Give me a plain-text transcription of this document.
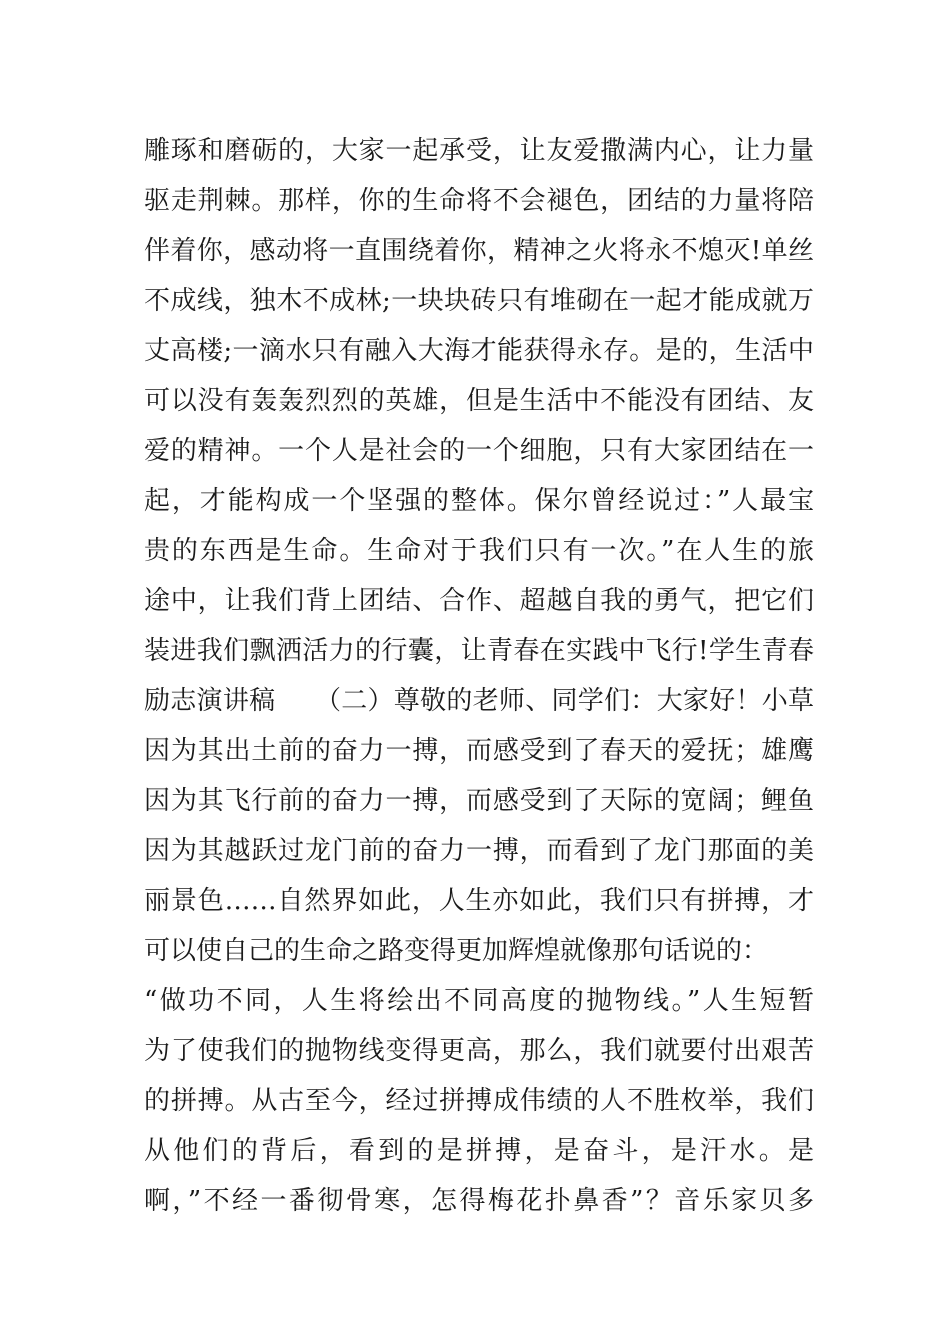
雕琢和磨砺的，大家一起承受，让友爱撒满内心，让力量
驱走荆棘。那样，你的生命将不会褪色，团结的力量将陪
伴着你，感动将一直围绕着你，精神之火将永不熄灭!单丝
不成线，独木不成林;一块块砖只有堆砌在一起才能成就万
丈高楼;一滴水只有融入大海才能获得永存。是的，生活中
可以没有轰轰烈烈的英雄，但是生活中不能没有团结、友
爱的精神。一个人是社会的一个细胞，只有大家团结在一
起，才能构成一个坚强的整体。保尔曾经说过：”人最宝
贵的东西是生命。生命对于我们只有一次。”在人生的旅
途中，让我们背上团结、合作、超越自我的勇气，把它们
装进我们飘洒活力的行囊，让青春在实践中飞行!学生青春
励志演讲稿　　（二）尊敬的老师、同学们：大家好！小草
因为其出土前的奋力一搏，而感受到了春天的爱抚；雄鹰
因为其飞行前的奋力一搏，而感受到了天际的宽阔；鲤鱼
因为其越跃过龙门前的奋力一搏，而看到了龙门那面的美
丽景色……自然界如此，人生亦如此，我们只有拼搏，才
可以使自己的生命之路变得更加辉煌就像那句话说的：
“做功不同，人生将绘出不同高度的抛物线。”人生短暂
为了使我们的抛物线变得更高，那么，我们就要付出艰苦
的拼搏。从古至今，经过拼搏成伟绩的人不胜枚举，我们
从他们的背后，看到的是拼搏，是奋斗，是汗水。是
啊，”不经一番彻骨寒，怎得梅花扑鼻香”？音乐家贝多
